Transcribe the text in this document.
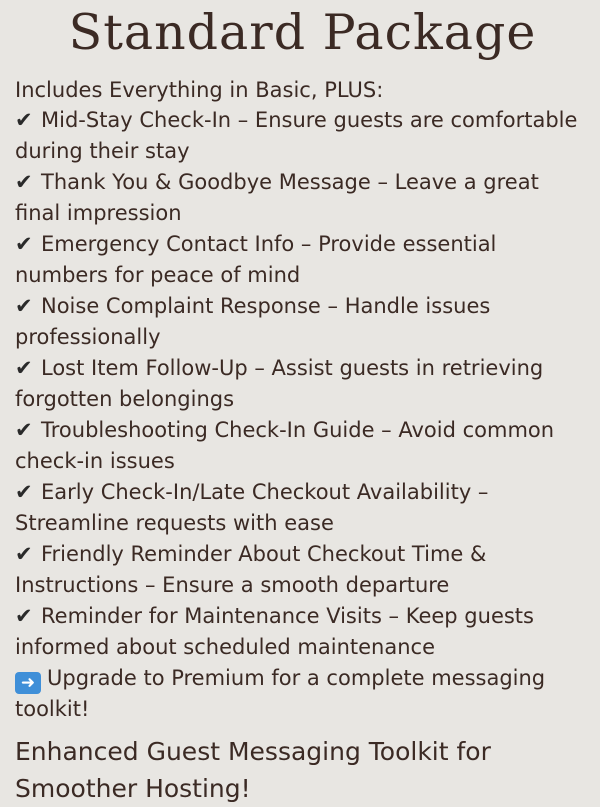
Standard Package
Includes Everything in Basic, PLUS:
✔ Mid-Stay Check-In – Ensure guests are comfortable during their stay
✔ Thank You & Goodbye Message – Leave a great final impression
✔ Emergency Contact Info – Provide essential numbers for peace of mind
✔ Noise Complaint Response – Handle issues professionally
✔ Lost Item Follow-Up – Assist guests in retrieving forgotten belongings
✔ Troubleshooting Check-In Guide – Avoid common check-in issues
✔ Early Check-In/Late Checkout Availability – Streamline requests with ease
✔ Friendly Reminder About Checkout Time & Instructions – Ensure a smooth departure
✔ Reminder for Maintenance Visits – Keep guests informed about scheduled maintenance
➜ Upgrade to Premium for a complete messaging toolkit!
Enhanced Guest Messaging Toolkit for Smoother Hosting!
